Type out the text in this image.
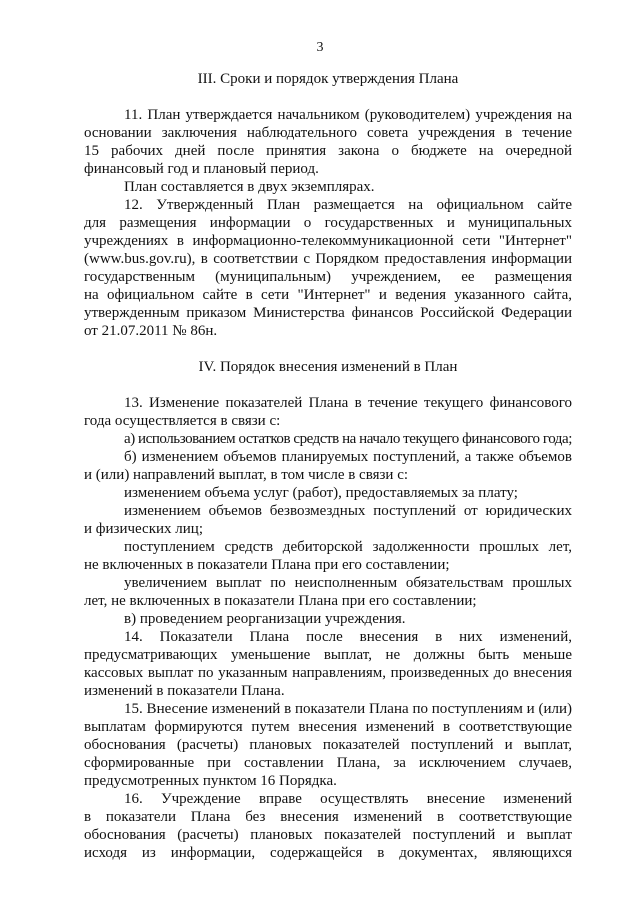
3
III. Сроки и порядок утверждения Плана
11. План утверждается начальником (руководителем) учреждения на
основании заключения наблюдательного совета учреждения в течение
15 рабочих дней после принятия закона о бюджете на очередной
финансовый год и плановый период.
План составляется в двух экземплярах.
12. Утвержденный План размещается на официальном сайте
для размещения информации о государственных и муниципальных
учреждениях в информационно-телекоммуникационной сети "Интернет"
(www.bus.gov.ru), в соответствии с Порядком предоставления информации
государственным (муниципальным) учреждением, ее размещения
на официальном сайте в сети "Интернет" и ведения указанного сайта,
утвержденным приказом Министерства финансов Российской Федерации
от 21.07.2011 № 86н.
IV. Порядок внесения изменений в План
13. Изменение показателей Плана в течение текущего финансового
года осуществляется в связи с:
а) использованием остатков средств на начало текущего финансового года;
б) изменением объемов планируемых поступлений, а также объемов
и (или) направлений выплат, в том числе в связи с:
изменением объема услуг (работ), предоставляемых за плату;
изменением объемов безвозмездных поступлений от юридических
и физических лиц;
поступлением средств дебиторской задолженности прошлых лет,
не включенных в показатели Плана при его составлении;
увеличением выплат по неисполненным обязательствам прошлых
лет, не включенных в показатели Плана при его составлении;
в) проведением реорганизации учреждения.
14. Показатели Плана после внесения в них изменений,
предусматривающих уменьшение выплат, не должны быть меньше
кассовых выплат по указанным направлениям, произведенных до внесения
изменений в показатели Плана.
15. Внесение изменений в показатели Плана по поступлениям и (или)
выплатам формируются путем внесения изменений в соответствующие
обоснования (расчеты) плановых показателей поступлений и выплат,
сформированные при составлении Плана, за исключением случаев,
предусмотренных пунктом 16 Порядка.
16. Учреждение вправе осуществлять внесение изменений
в показатели Плана без внесения изменений в соответствующие
обоснования (расчеты) плановых показателей поступлений и выплат
исходя из информации, содержащейся в документах, являющихся
